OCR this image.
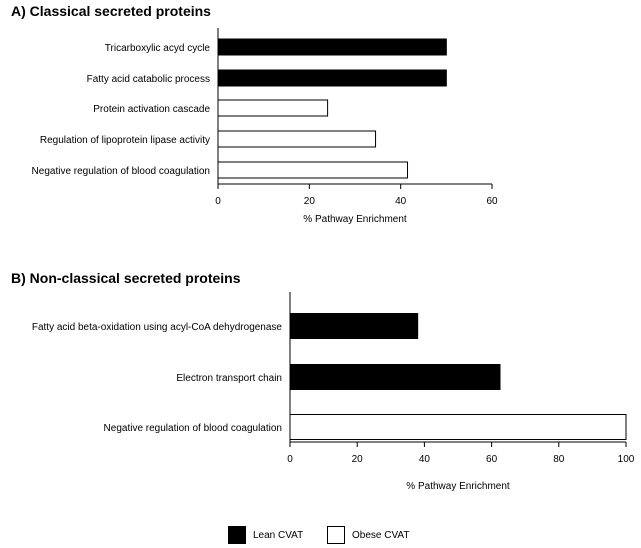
A) Classical secreted proteins
B) Non-classical secreted proteins
Tricarboxylic acyd cycle
Fatty acid catabolic process
Protein activation cascade
Regulation of lipoprotein lipase activity
Negative regulation of blood coagulation
0	20	40	60
% Pathway Enrichment
Fatty acid beta-oxidation using acyl-CoA dehydrogenase
Electron transport chain
Negative regulation of blood coagulation
0	20	40	60	80	100
% Pathway Enrichment
Lean CVAT	Obese CVAT
